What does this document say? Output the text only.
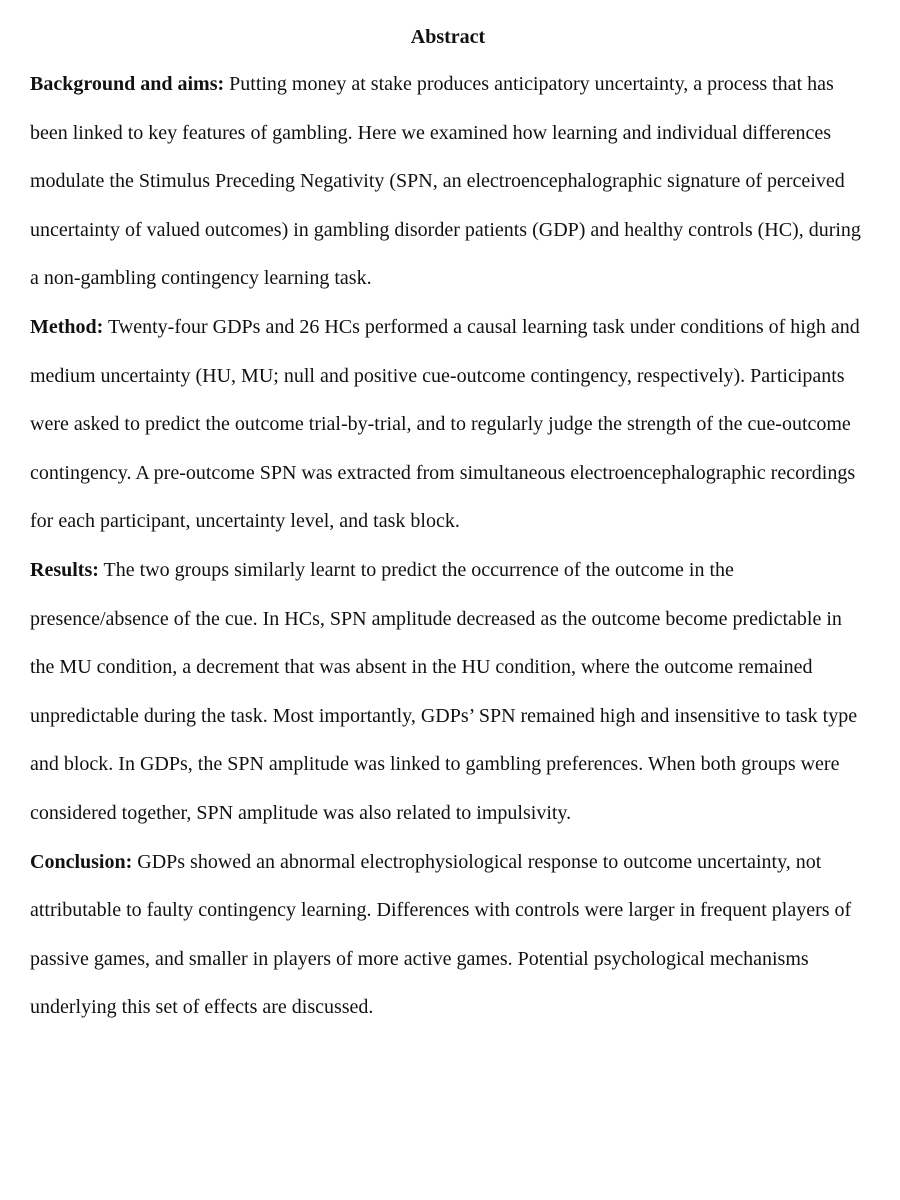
Abstract

Background and aims: Putting money at stake produces anticipatory uncertainty, a process that has been linked to key features of gambling. Here we examined how learning and individual differences modulate the Stimulus Preceding Negativity (SPN, an electroencephalographic signature of perceived uncertainty of valued outcomes) in gambling disorder patients (GDP) and healthy controls (HC), during a non-gambling contingency learning task.

Method: Twenty-four GDPs and 26 HCs performed a causal learning task under conditions of high and medium uncertainty (HU, MU; null and positive cue-outcome contingency, respectively). Participants were asked to predict the outcome trial-by-trial, and to regularly judge the strength of the cue-outcome contingency. A pre-outcome SPN was extracted from simultaneous electroencephalographic recordings for each participant, uncertainty level, and task block.

Results: The two groups similarly learnt to predict the occurrence of the outcome in the presence/absence of the cue. In HCs, SPN amplitude decreased as the outcome become predictable in the MU condition, a decrement that was absent in the HU condition, where the outcome remained unpredictable during the task. Most importantly, GDPs’ SPN remained high and insensitive to task type and block. In GDPs, the SPN amplitude was linked to gambling preferences. When both groups were considered together, SPN amplitude was also related to impulsivity.

Conclusion: GDPs showed an abnormal electrophysiological response to outcome uncertainty, not attributable to faulty contingency learning. Differences with controls were larger in frequent players of passive games, and smaller in players of more active games. Potential psychological mechanisms underlying this set of effects are discussed.
